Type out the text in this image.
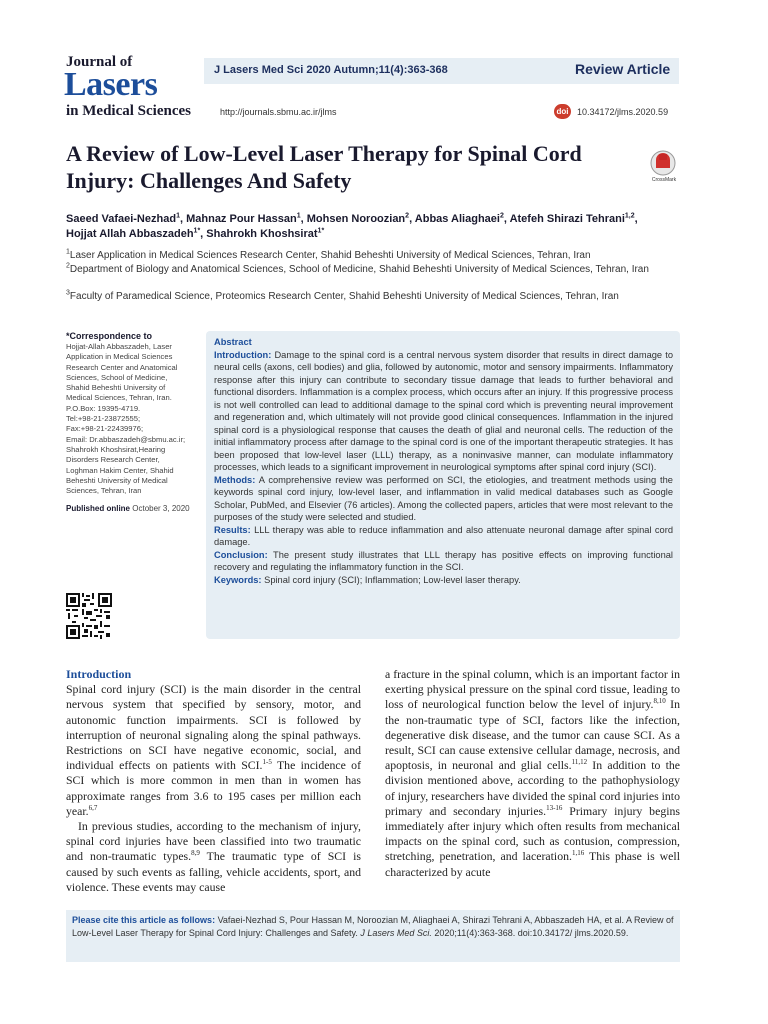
Journal of
Lasers
in Medical Sciences
J Lasers Med Sci 2020 Autumn;11(4):363-368	Review Article
http://journals.sbmu.ac.ir/jlms	doi 10.34172/jlms.2020.59
A Review of Low-Level Laser Therapy for Spinal Cord Injury: Challenges And Safety	CrossMark
Saeed Vafaei-Nezhad$^1$, Mahnaz Pour Hassan$^1$, Mohsen Noroozian$^2$, Abbas Aliaghaei$^2$, Atefeh Shirazi Tehrani$^{1,2}$,
Hojjat Allah Abbaszadeh$^{1*}$, Shahrokh Khoshsirat$^{1*}$
$^1$Laser Application in Medical Sciences Research Center, Shahid Beheshti University of Medical Sciences, Tehran, Iran
$^2$Department of Biology and Anatomical Sciences, School of Medicine, Shahid Beheshti University of Medical Sciences, Tehran, Iran
$^3$Faculty of Paramedical Science, Proteomics Research Center, Shahid Beheshti University of Medical Sciences, Tehran, Iran
*Correspondence to
Hojjat-Allah Abbaszadeh, Laser
Application in Medical Sciences
Research Center and Anatomical
Sciences, School of Medicine,
Shahid Beheshti University of
Medical Sciences, Tehran, Iran.
P.O.Box: 19395-4719.
Tel:+98-21-23872555;
Fax:+98-21-22439976;
Email: Dr.abbaszadeh@sbmu.ac.ir;
Shahrokh Khoshsirat,Hearing
Disorders Research Center,
Loghman Hakim Center, Shahid
Beheshti University of Medical
Sciences, Tehran, Iran
Published online October 3, 2020

Abstract

Introduction: Damage to the spinal cord is a central nervous system disorder that results in direct damage to neural cells (axons, cell bodies) and glia, followed by autonomic, motor and sensory impairments. Inflammatory response after this injury can contribute to secondary tissue damage that leads to further behavioral and functional disorders. Inflammation is a complex process, which occurs after an injury. If this progressive process is not well controlled can lead to additional damage to the spinal cord which is preventing neural improvement and regeneration and, which ultimately will not provide good clinical consequences. Inflammation in the injured spinal cord is a physiological response that causes the death of glial and neuronal cells. The reduction of the initial inflammatory process after damage to the spinal cord is one of the important therapeutic strategies. It has been proposed that low-level laser (LLL) therapy, as a noninvasive manner, can modulate inflammatory processes, which leads to a significant improvement in neurological symptoms after spinal cord injury (SCI).

Methods: A comprehensive review was performed on SCI, the etiologies, and treatment methods using the keywords spinal cord injury, low-level laser, and inflammation in valid medical databases such as Google Scholar, PubMed, and Elsevier (76 articles). Among the collected papers, articles that were most relevant to the purposes of the study were selected and studied.

Results: LLL therapy was able to reduce inflammation and also attenuate neuronal damage after spinal cord damage.

Conclusion: The present study illustrates that LLL therapy has positive effects on improving functional recovery and regulating the inflammatory function in the SCI.

Keywords: Spinal cord injury (SCI); Inflammation; Low-level laser therapy.

Introduction

Spinal cord injury (SCI) is the main disorder in the central nervous system that specified by sensory, motor, and autonomic function impairments. SCI is followed by interruption of neuronal signaling along the spinal pathways. Restrictions on SCI have negative economic, social, and individual effects on patients with SCI.$^{1-5}$ The incidence of SCI which is more common in men than in women has approximate ranges from 3.6 to 195 cases per million each year.$^{6,7}$

In previous studies, according to the mechanism of injury, spinal cord injuries have been classified into two traumatic and non-traumatic types.$^{8,9}$ The traumatic type of SCI is caused by such events as falling, vehicle accidents, sport, and violence. These events may cause

a fracture in the spinal column, which is an important factor in exerting physical pressure on the spinal cord tissue, leading to loss of neurological function below the level of injury.$^{8,10}$ In the non-traumatic type of SCI, factors like the infection, degenerative disk disease, and the tumor can cause SCI. As a result, SCI can cause extensive cellular damage, necrosis, and apoptosis, in neuronal and glial cells.$^{11,12}$ In addition to the division mentioned above, according to the pathophysiology of injury, researchers have divided the spinal cord injuries into primary and secondary injuries.$^{13-16}$ Primary injury begins immediately after injury which often results from mechanical impacts on the spinal cord, such as contusion, compression, stretching, penetration, and laceration.$^{1,16}$ This phase is well characterized by acute

Please cite this article as follows: Vafaei-Nezhad S, Pour Hassan M, Noroozian M, Aliaghaei A, Shirazi Tehrani A, Abbaszadeh HA, et al. A Review of Low-Level Laser Therapy for Spinal Cord Injury: Challenges and Safety. J Lasers Med Sci. 2020;11(4):363-368. doi:10.34172/ jlms.2020.59.
